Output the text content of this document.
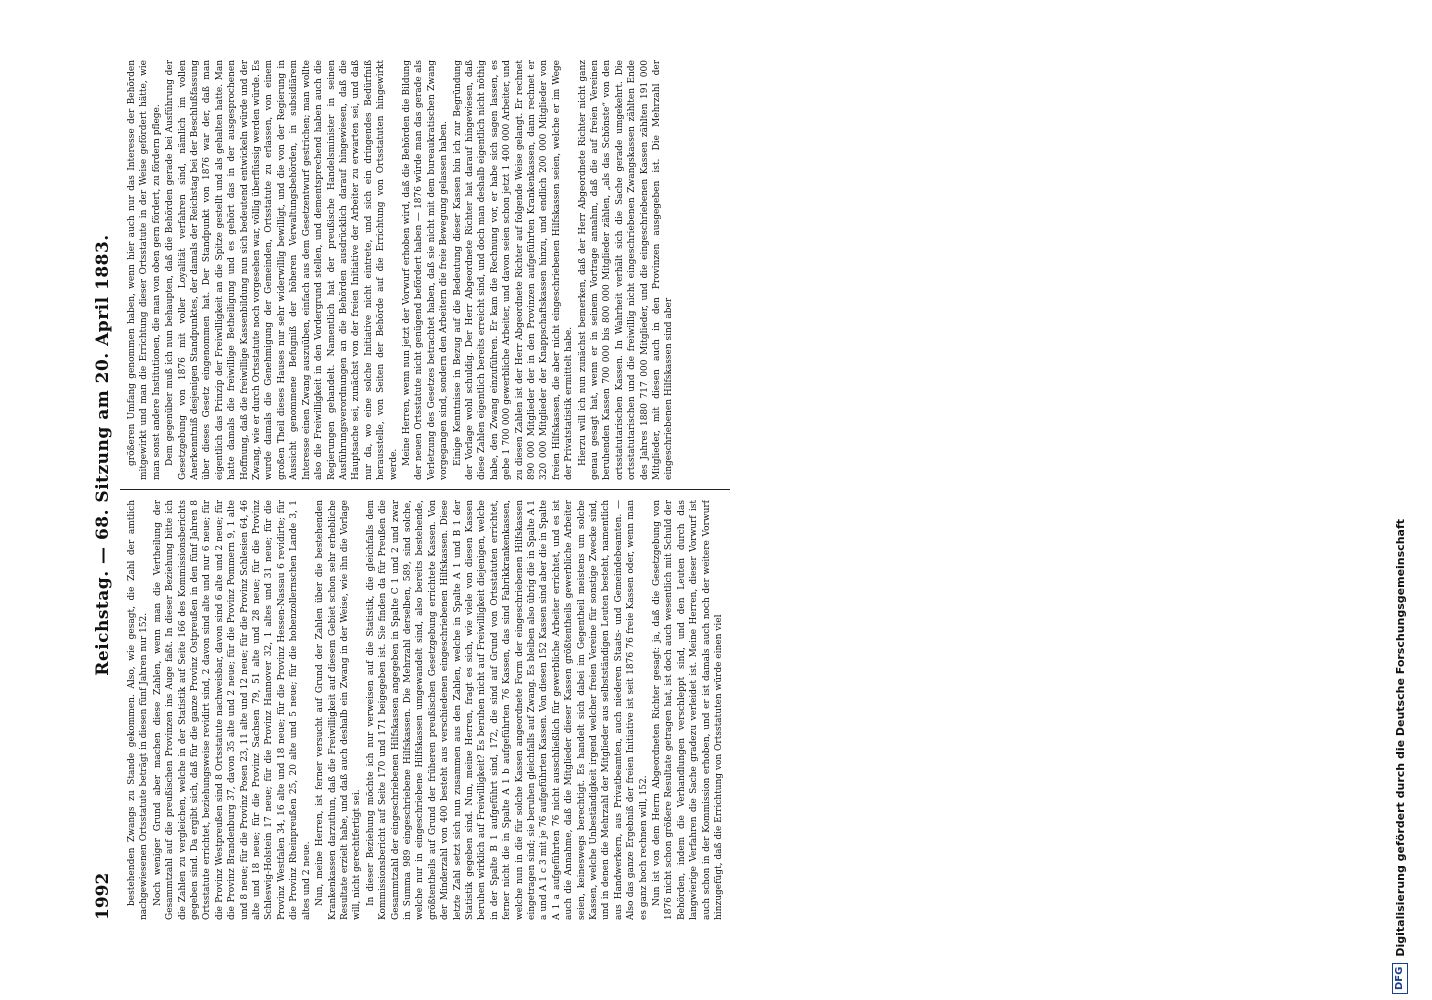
1992
Reichstag. — 68. Sitzung am 20. April 1883.

bestehenden Zwangs zu Stande gekommen. Also, wie gesagt, die Zahl der amtlich nachgewiesenen Ortsstatute beträgt in diesen fünf Jahren nur 152. Noch weniger Grund aber machen diese Zahlen, wenn man die Vertheilung der Gesammtzahl auf die preußischen Provinzen ins Auge faßt. In dieser Beziehung bitte ich die Zahlen zu vergleichen, welche in der Statistik auf Seite 166 des Kommissionsberichts gegeben sind. Da ergibt sich, daß für die ganze Provinz Ostpreußen in den fünf Jahren 8 Ortsstatute errichtet, beziehungsweise revidirt sind, 2 davon sind alte und nur 6 neue; für die Provinz Westpreußen sind 8 Ortsstatute nachweisbar, davon sind 6 alte und 2 neue; für die Provinz Brandenburg 37, davon 35 alte und 2 neue; für die Provinz Pommern 9, 1 alte und 8 neue; für die Provinz Posen 23, 11 alte und 12 neue; für die Provinz Schlesien 64, 46 alte und 18 neue; für die Provinz Sachsen 79, 51 alte und 28 neue; für die Provinz Schleswig-Holstein 17 neue; für die Provinz Hannover 32, 1 altes und 31 neue; für die Provinz Westfalen 34, 16 alte und 18 neue; für die Provinz Hessen-Nassau 6 revidirte; für die Provinz Rheinpreußen 25, 20 alte und 5 neue; für die hohenzollernschen Lande 3, 1 altes und 2 neue. Nun, meine Herren, ist ferner versucht auf Grund der Zahlen über die bestehenden Krankenkassen darzuthun, daß die Freiwilligkeit auf diesem Gebiet schon sehr erhebliche Resultate erzielt habe, und daß auch deshalb ein Zwang in der Weise, wie ihn die Vorlage will, nicht gerechtfertigt sei. In dieser Beziehung möchte ich nur verweisen auf die Statistik, die gleichfalls dem Kommissionsbericht auf Seite 170 und 171 beigegeben ist. Sie finden da für Preußen die Gesammtzahl der eingeschriebenen Hilfskassen angegeben in Spalte C 1 und 2 und zwar in Summa 989 eingeschriebene Hilfskassen. Die Mehrzahl derselben, 589, sind solche, welche nur in eingeschriebene Hilfskassen umgewandelt sind, also bereits bestehende, größtentheils auf Grund der früheren preußischen Gesetzgebung errichtete Kassen. Von der Minderzahl von 400 besteht aus verschiedenen eingeschriebenen Hilfskassen. Diese letzte Zahl setzt sich nun zusammen aus den Zahlen, welche in Spalte A 1 und B 1 der Statistik gegeben sind. Nun, meine Herren, fragt es sich, wie viele von diesen Kassen beruhen wirklich auf Freiwilligkeit? Es beruhen nicht auf Freiwilligkeit diejenigen, welche in der Spalte B 1 aufgeführt sind, 172, die sind auf Grund von Ortsstatuten errichtet, ferner nicht die in Spalte A 1 b aufgeführten 76 Kassen, das sind Fabrikkrankenkassen, welche nun in die für solche Kassen angeordnete Form der eingeschriebenen Hilfskassen eingetragen sind; sie beruhen gleichfalls auf Zwang. Es bleiben also übrig die in Spalte A 1 a und A 1 c 3 mit je 76 aufgeführten Kassen. Von diesen 152 Kassen sind aber die in Spalte A 1 a aufgeführten 76 nicht ausschließlich für gewerbliche Arbeiter errichtet, und es ist auch die Annahme, daß die Mitglieder dieser Kassen größtentheils gewerbliche Arbeiter seien, keineswegs berechtigt. Es handelt sich dabei im Gegentheil meistens um solche Kassen, welche Unbeständigkeit irgend welcher freien Vereine für sonstige Zwecke sind, und in denen die Mehrzahl der Mitglieder aus selbstständigen Leuten besteht, namentlich aus Handwerkern, aus Privatbeamten, auch niederen Staats- und Gemeindebeamten. — Also das ganze Ergebniß der freien Initiative ist seit 1876 76 freie Kassen oder, wenn man es ganz hoch rechnen will, 152. Nun ist von dem Herrn Abgeordneten Richter gesagt: ja, daß die Gesetzgebung von 1876 nicht schon größere Resultate getragen hat, ist doch auch wesentlich mit Schuld der Behörden, indem die Verhandlungen verschleppt sind, und den Leuten durch das langwierige Verfahren die Sache gradezu verleidet ist. Meine Herren, dieser Vorwurf ist auch schon in der Kommission erhoben, und er ist damals auch noch der weitere Vorwurf hinzugefügt, daß die Errichtung von Ortsstatuten würde einen viel

größeren Umfang genommen haben, wenn hier auch nur das Interesse der Behörden mitgewirkt und man die Errichtung dieser Ortsstatute in der Weise gefördert hätte, wie man sonst andere Institutionen, die man von oben gern fördert, zu fördern pflege. Dem gegenüber muß ich nun behaupten, daß die Behörden gerade bei Ausführung der Gesetzgebung von 1876 mit voller Loyalität verfahren sind, nämlich im vollen Anerkenntniß desjenigen Standpunktes, der damals der Reichstag bei der Beschlußfassung über dieses Gesetz eingenommen hat. Der Standpunkt von 1876 war der, daß man eigentlich das Prinzip der Freiwilligkeit an die Spitze gestellt und als gehalten hatte. Man hatte damals die freiwillige Betheiligung und es gehört das in der ausgesprochenen Hoffnung, daß die freiwillige Kassenbildung nun sich bedeutend entwickeln würde und der Zwang, wie er durch Ortsstatute noch vorgesehen war, völlig überflüssig werden würde. Es wurde damals die Genehmigung der Gemeinden, Ortsstatute zu erlassen, von einem großen Theil dieses Hauses nur sehr widerwillig bewilligt, und die von der Regierung in Aussicht genommene Befugniß der höheren Verwaltungsbehörden, in subsidiärem Interesse einen Zwang auszuüben, einfach aus dem Gesetzentwurf gestrichen; man wollte also die Freiwilligkeit in den Vordergrund stellen, und dementsprechend haben auch die Regierungen gehandelt. Namentlich hat der preußische Handelsminister in seinen Ausführungsverordnungen an die Behörden ausdrücklich darauf hingewiesen, daß die Hauptsache sei, zunächst von der freien Initiative der Arbeiter zu erwarten sei, und daß nur da, wo eine solche Initiative nicht eintrete, und sich ein dringendes Bedürfniß herausstelle, von Seiten der Behörde auf die Errichtung von Ortsstatuten hingewirkt werde. Meine Herren, wenn nun jetzt der Vorwurf erhoben wird, daß die Behörden die Bildung der neuen Ortsstatute nicht genügend befördert haben — 1876 würde man das gerade als Verletzung des Gesetzes betrachtet haben, daß sie nicht mit dem bureaukratischen Zwang vorgegangen sind, sondern den Arbeitern die freie Bewegung gelassen haben. Einige Kenntnisse in Bezug auf die Bedeutung dieser Kassen bin ich zur Begründung der Vorlage wohl schuldig. Der Herr Abgeordnete Richter hat darauf hingewiesen, daß diese Zahlen eigentlich bereits erreicht sind, und doch man deshalb eigentlich nicht nöthig habe, den Zwang einzuführen. Er kam die Rechnung vor, er habe sich sagen lassen, es gebe 1 700 000 gewerbliche Arbeiter, und davon seien schon jetzt 1 400 000 Arbeiter, und zu diesen Zahlen ist der Herr Abgeordnete Richter auf folgende Weise gelangt. Er rechnet 890 000 Mitglieder der in den Provinzen aufgeführten Krankenkassen, dann rechnet er 320 000 Mitglieder der Knappschaftskassen hinzu, und endlich 200 000 Mitglieder von freien Hilfskassen, die aber nicht eingeschriebenen Hilfskassen seien, welche er im Wege der Privatstatistik ermittelt habe. Hierzu will ich nun zunächst bemerken, daß der Herr Abgeordnete Richter nicht ganz genau gesagt hat, wenn er in seinem Vortrage annahm, daß die auf freien Vereinen beruhenden Kassen 700 000 bis 800 000 Mitglieder zählen, „als das Schönste“ von den ortsstatutarischen Kassen. In Wahrheit verhält sich die Sache gerade umgekehrt. Die ortsstatutarischen und die freiwillig nicht eingeschriebenen Zwangskassen zählten Ende des Jahres 1880 717 000 Mitglieder, und die eingeschriebenen Kassen zählten 191 000 Mitglieder, mit diesen auch in den Provinzen ausgegeben ist. Die Mehrzahl der eingeschriebenen Hilfskassen sind aber

DFG
Digitalisierung gefördert durch die Deutsche Forschungsgemeinschaft
